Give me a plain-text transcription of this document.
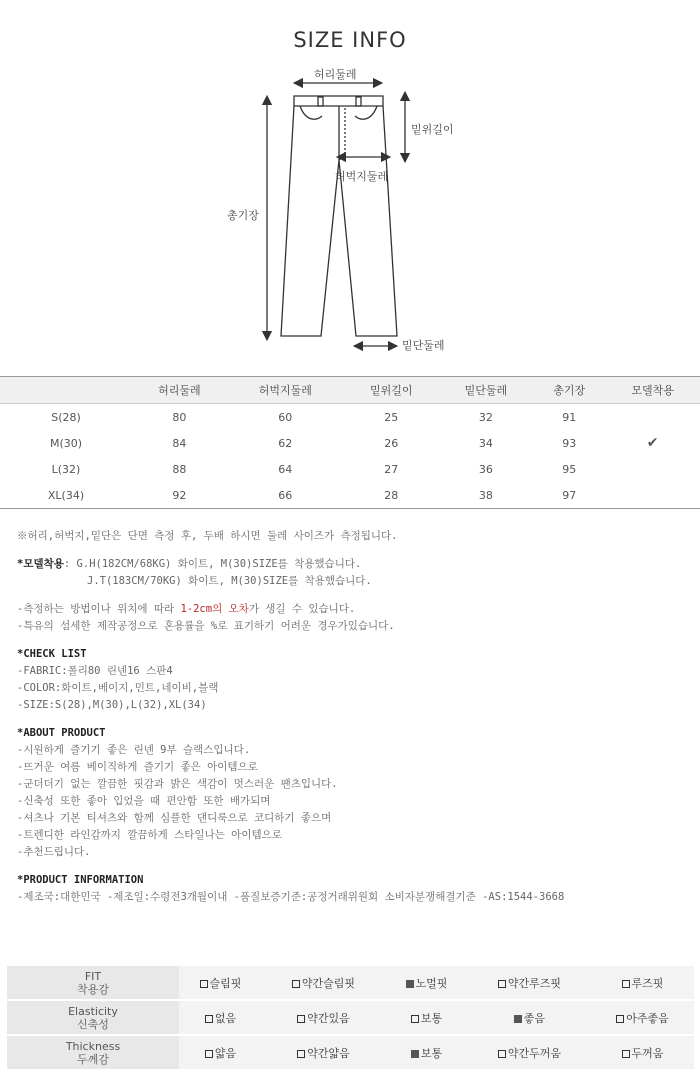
SIZE INFO
허리둘레
밑위길이
허벅지둘레
총기장
밑단둘레
	허리둘레	허벅지둘레	밑위길이	밑단둘레	총기장	모델착용
S(28)	80	60	25	32	91	
M(30)	84	62	26	34	93	✔
L(32)	88	64	27	36	95	
XL(34)	92	66	28	38	97	
※허리,허벅지,밑단은 단면 측정 후, 두배 하시면 둘레 사이즈가 측정됩니다.
*모델착용: G.H(182CM/68KG) 화이트, M(30)SIZE를 착용했습니다.
J.T(183CM/70KG) 화이트, M(30)SIZE를 착용했습니다.
-측정하는 방법이나 위치에 따라 1-2cm의 오차가 생길 수 있습니다.
-특유의 섬세한 제작공정으로 혼용률을 %로 표기하기 어려운 경우가있습니다.
*CHECK LIST
-FABRIC:폴리80 린넨16 스판4
-COLOR:화이트,베이지,민트,네이비,블랙
-SIZE:S(28),M(30),L(32),XL(34)
*ABOUT PRODUCT
-시원하게 즐기기 좋은 린넨 9부 슬랙스입니다.
-뜨거운 여름 베이직하게 즐기기 좋은 아이템으로
-군더더기 없는 깔끔한 핏감과 밝은 색감이 멋스러운 팬츠입니다.
-신축성 또한 좋아 입었을 때 편안함 또한 배가되며
-셔츠나 기본 티셔츠와 함께 심플한 댄디룩으로 코디하기 좋으며
-트렌디한 라인감까지 깔끔하게 스타일나는 아이템으로
-추천드립니다.
*PRODUCT INFORMATION
-제조국:대한민국 -제조일:수령전3개월이내 -품질보증기준:공정거래위원회 소비자분쟁해결기준 -AS:1544-3668
FIT
착용감	슬림핏	약간슬림핏	노멀핏	약간루즈핏	루즈핏

Elasticity
신축성	없음	약간있음	보통	좋음	아주좋음

Thickness
두께감	얇음	약간얇음	보통	약간두꺼움	두꺼움
